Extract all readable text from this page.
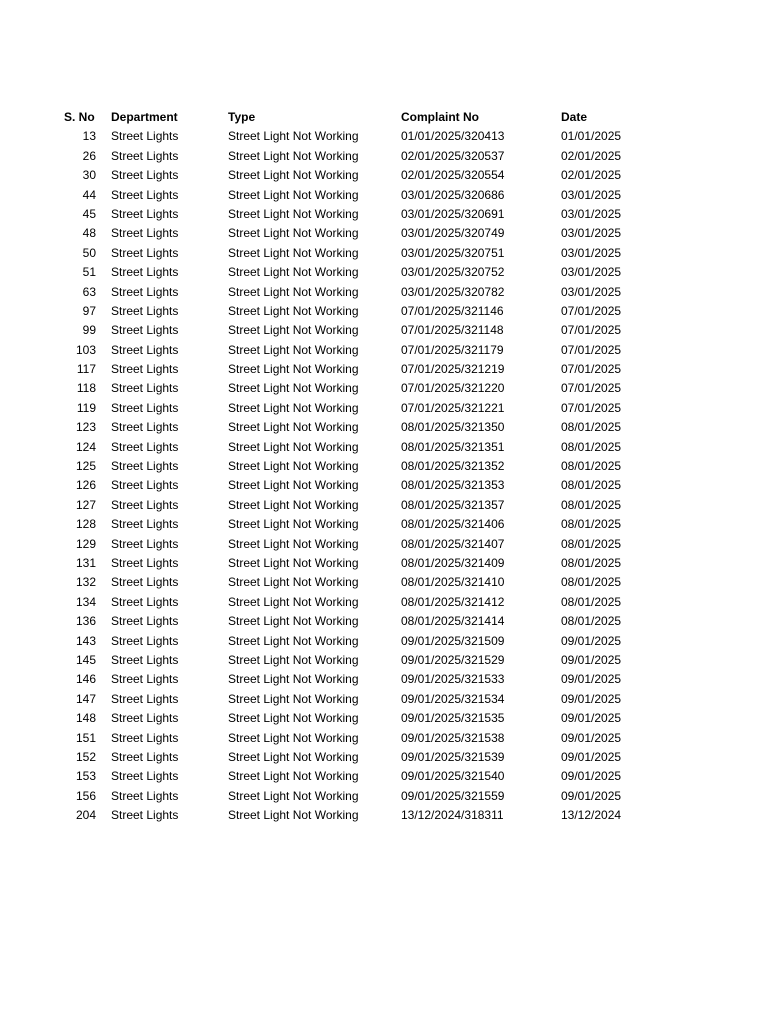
S. No Department	Type	Complaint No	Date
13 Street Lights	Street Light Not Working	01/01/2025/320413	01/01/2025
26 Street Lights	Street Light Not Working	02/01/2025/320537	02/01/2025
30 Street Lights	Street Light Not Working	02/01/2025/320554	02/01/2025
44 Street Lights	Street Light Not Working	03/01/2025/320686	03/01/2025
45 Street Lights	Street Light Not Working	03/01/2025/320691	03/01/2025
48 Street Lights	Street Light Not Working	03/01/2025/320749	03/01/2025
50 Street Lights	Street Light Not Working	03/01/2025/320751	03/01/2025
51 Street Lights	Street Light Not Working	03/01/2025/320752	03/01/2025
63 Street Lights	Street Light Not Working	03/01/2025/320782	03/01/2025
97 Street Lights	Street Light Not Working	07/01/2025/321146	07/01/2025
99 Street Lights	Street Light Not Working	07/01/2025/321148	07/01/2025
103 Street Lights	Street Light Not Working	07/01/2025/321179	07/01/2025
117 Street Lights	Street Light Not Working	07/01/2025/321219	07/01/2025
118 Street Lights	Street Light Not Working	07/01/2025/321220	07/01/2025
119 Street Lights	Street Light Not Working	07/01/2025/321221	07/01/2025
123 Street Lights	Street Light Not Working	08/01/2025/321350	08/01/2025
124 Street Lights	Street Light Not Working	08/01/2025/321351	08/01/2025
125 Street Lights	Street Light Not Working	08/01/2025/321352	08/01/2025
126 Street Lights	Street Light Not Working	08/01/2025/321353	08/01/2025
127 Street Lights	Street Light Not Working	08/01/2025/321357	08/01/2025
128 Street Lights	Street Light Not Working	08/01/2025/321406	08/01/2025
129 Street Lights	Street Light Not Working	08/01/2025/321407	08/01/2025
131 Street Lights	Street Light Not Working	08/01/2025/321409	08/01/2025
132 Street Lights	Street Light Not Working	08/01/2025/321410	08/01/2025
134 Street Lights	Street Light Not Working	08/01/2025/321412	08/01/2025
136 Street Lights	Street Light Not Working	08/01/2025/321414	08/01/2025
143 Street Lights	Street Light Not Working	09/01/2025/321509	09/01/2025
145 Street Lights	Street Light Not Working	09/01/2025/321529	09/01/2025
146 Street Lights	Street Light Not Working	09/01/2025/321533	09/01/2025
147 Street Lights	Street Light Not Working	09/01/2025/321534	09/01/2025
148 Street Lights	Street Light Not Working	09/01/2025/321535	09/01/2025
151 Street Lights	Street Light Not Working	09/01/2025/321538	09/01/2025
152 Street Lights	Street Light Not Working	09/01/2025/321539	09/01/2025
153 Street Lights	Street Light Not Working	09/01/2025/321540	09/01/2025
156 Street Lights	Street Light Not Working	09/01/2025/321559	09/01/2025
204 Street Lights	Street Light Not Working	13/12/2024/318311	13/12/2024
